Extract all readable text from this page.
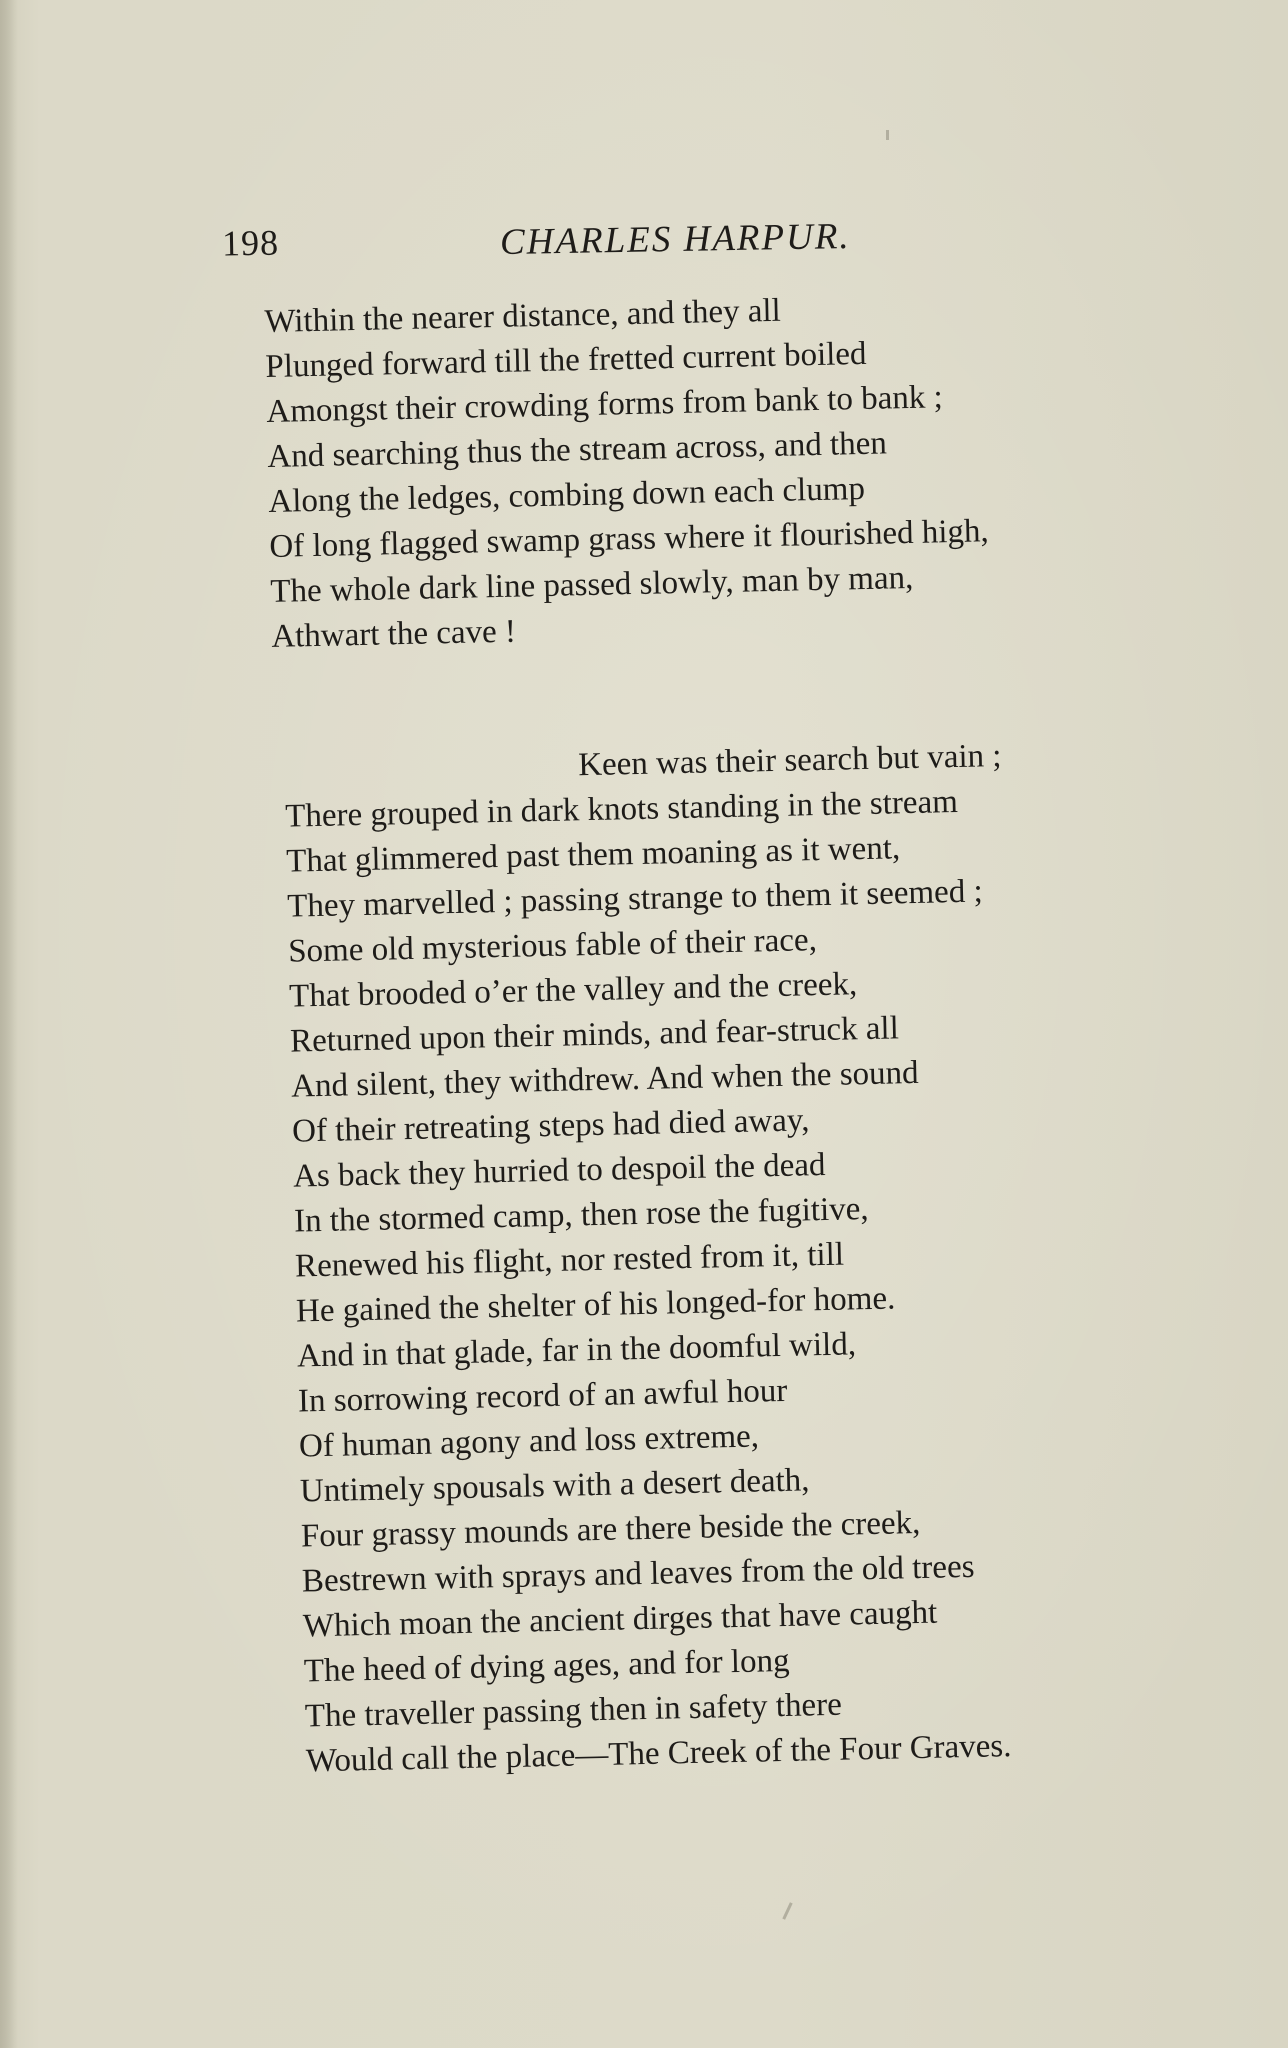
198	CHARLES HARPUR.
Within the nearer distance, and they all
Plunged forward till the fretted current boiled
Amongst their crowding forms from bank to bank ;
And searching thus the stream across, and then
Along the ledges, combing down each clump
Of long flagged swamp grass where it flourished high,
The whole dark line passed slowly, man by man,
Athwart the cave !
Keen was their search but vain ;
There grouped in dark knots standing in the stream
That glimmered past them moaning as it went,
They marvelled ; passing strange to them it seemed ;
Some old mysterious fable of their race,
That brooded o’er the valley and the creek,
Returned upon their minds, and fear-struck all
And silent, they withdrew. And when the sound
Of their retreating steps had died away,
As back they hurried to despoil the dead
In the stormed camp, then rose the fugitive,
Renewed his flight, nor rested from it, till
He gained the shelter of his longed-for home.
And in that glade, far in the doomful wild,
In sorrowing record of an awful hour
Of human agony and loss extreme,
Untimely spousals with a desert death,
Four grassy mounds are there beside the creek,
Bestrewn with sprays and leaves from the old trees
Which moan the ancient dirges that have caught
The heed of dying ages, and for long
The traveller passing then in safety there
Would call the place—The Creek of the Four Graves.
